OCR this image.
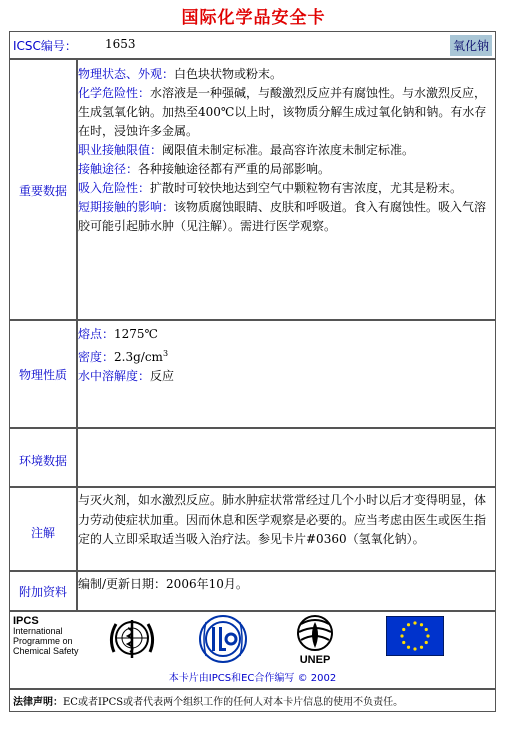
国际化学品安全卡
ICSC编号： 1653	氧化钠
重要数据

物理状态、外观：白色块状物或粉末。

化学危险性：水溶液是一种强碱，与酸激烈反应并有腐蚀性。与水激烈反应，生成氢氧化钠。加热至400℃以上时，该物质分解生成过氧化钠和钠。有水存在时，浸蚀许多金属。

职业接触限值：阈限值未制定标准。最高容许浓度未制定标准。

接触途径：各种接触途径都有严重的局部影响。

吸入危险性：扩散时可较快地达到空气中颗粒物有害浓度，尤其是粉末。

短期接触的影响：该物质腐蚀眼睛、皮肤和呼吸道。食入有腐蚀性。吸入气溶胶可能引起肺水肿（见注解）。需进行医学观察。

物理性质

熔点：1275℃

密度：$2.3g/cm^3$

水中溶解度：反应

环境数据
注解

与灭火剂，如水激烈反应。肺水肿症状常常经过几个小时以后才变得明显，体力劳动使症状加重。因而休息和医学观察是必要的。应当考虑由医生或医生指定的人立即采取适当吸入治疗法。参见卡片#0360（氢氧化钠）。

附加资料

编制/更新日期：2006年10月。

IPCS
International
Programme on
Chemical Safety
UNEP
本卡片由IPCS和EC合作编写 © 2002
法律声明：EC或者IPCS或者代表两个组织工作的任何人对本卡片信息的使用不负责任。
